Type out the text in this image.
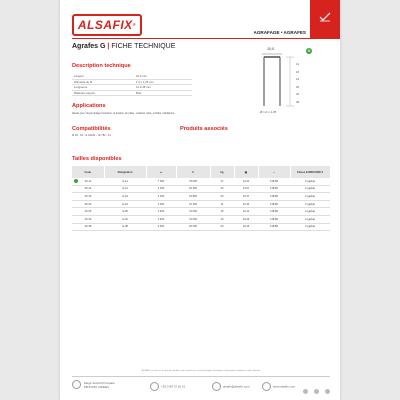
ALSAFIX®
AGRAFAGE • AGRAFES
Agrafes G | FICHE TECHNIQUE
Description technique
Largeur	10,0 mm
Diamètre du fil	1,0 x 1,25 mm
Longueurs	12 à 38 mm
Matériau support	Bois
Applications
Idéale pour l'assemblage bois/bois, la fixation de pilles, matériel, latte, profilés, habillactio...
Compatibilités
M 18 - 64 - G 44120 - JK 782 - 44
Produits associés
10,0
12
16
19
25
32
38
Ø 1,0 x 1,25
G
Tailles disponibles
Code	Désignation	▭	⊓	kg	▦	⌐	Classe EUROCODE 5

46-11	G-11	7 000	79 000	17	12,41	118,89	2 (galva)
46-14	G-14	3 010	42 400	22	14,67	118,89	2 (galva)
46-19	G-19	3 010	44 860	24	10,47	118,89	2 (galva)
46-22	G-22	2 400	31 100	11	13,10	118,89	2 (galva)
46-25	G-25	2 400	31 000	15	12,41	118,89	2 (galva)
46-32	G-32	2 400	31 000	19	10,23	118,89	2 (galva)
46-38	G-38	2 400	26 000	20	10,23	118,89	2 (galva)
ALSAFIX se réserve le droit de modifier sans préavis les caractéristiques techniques. Informations données à titre indicatif.
Siège Social Principale
PB 87240 CRIEES	+33 3 88 72 16 51	alsafix@alsafix.com	www.alsafix.com
